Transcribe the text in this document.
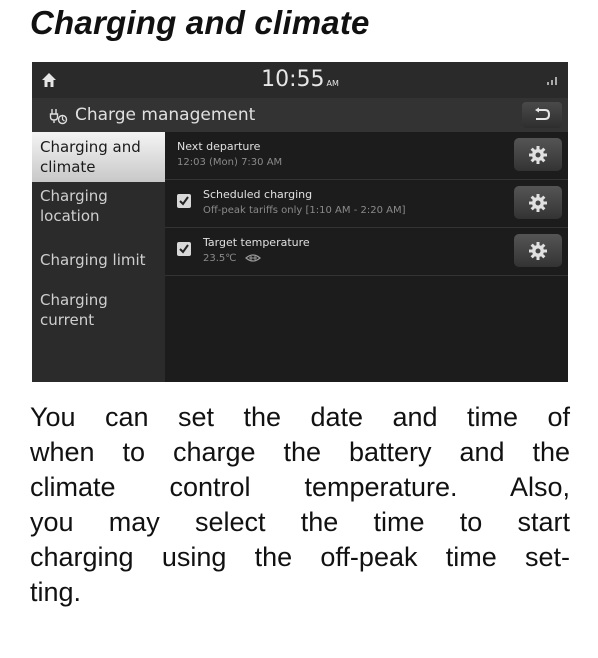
Charging and climate
10:55 AM
Charge management
Charging and
climate
Charging
location
Charging limit
Charging
current
Next departure
12:03 (Mon) 7:30 AM
Scheduled charging
Off-peak tariffs only [1:10 AM - 2:20 AM]
Target temperature
23.5℃
You can set the date and time of
when to charge the battery and the
climate control temperature. Also,
you may select the time to start
charging using the off-peak time set-
ting.
